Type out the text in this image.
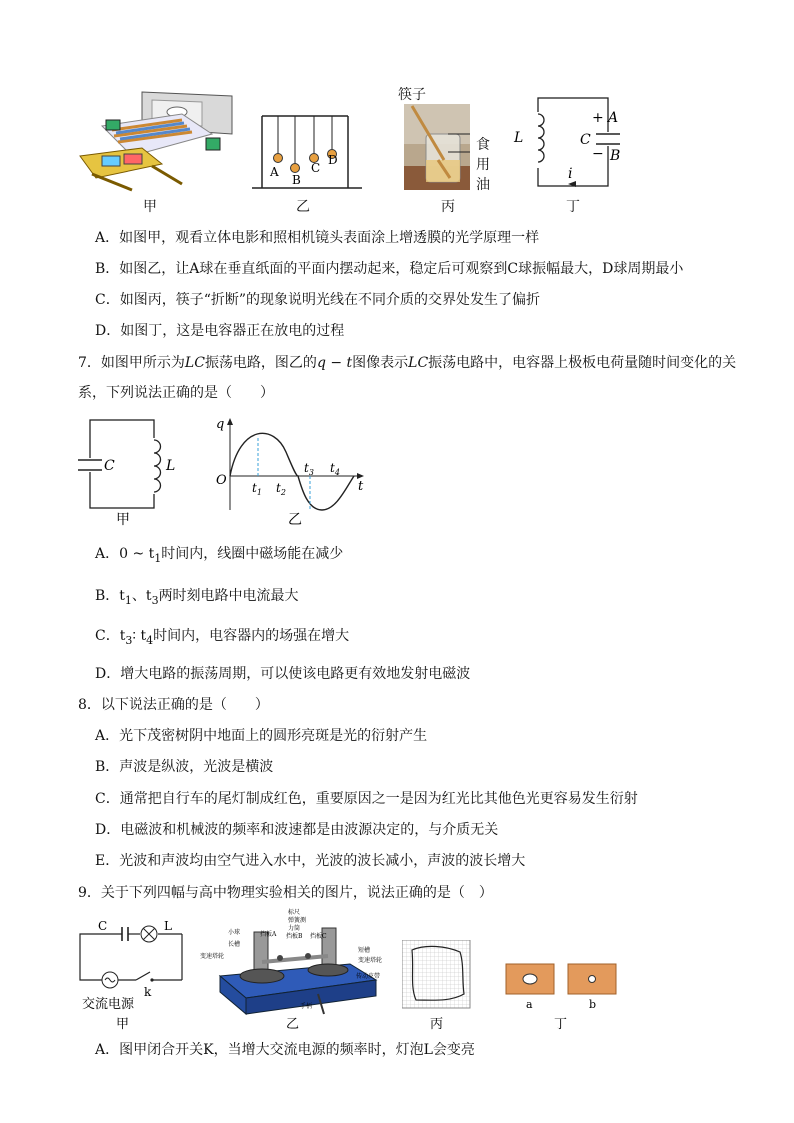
甲
A
B
C
D
乙
筷子
食
用
油
丙
L	C
+
−
A
B
i
丁
A．如图甲，观看立体电影和照相机镜头表面涂上增透膜的光学原理一样
B．如图乙，让A球在垂直纸面的平面内摆动起来，稳定后可观察到C球振幅最大，D球周期最小
C．如图丙，筷子“折断”的现象说明光线在不同介质的交界处发生了偏折
D．如图丁，这是电容器正在放电的过程
7．如图甲所示为LC振荡电路，图乙的q − t图像表示LC振荡电路中，电容器上极板电荷量随时间变化的关
系，下列说法正确的是（　　）
C	L
甲
q
O	t
$t_1$ $t_2$
$t_3$ $t_4$
乙
A．0 ~ $t_1$时间内，线圈中磁场能在减少
B．$t_1$、$t_3$两时刻电路中电流最大
C．$t_3∶$ $t_4$时间内，电容器内的场强在增大
D．增大电路的振荡周期，可以使该电路更有效地发射电磁波
8．以下说法正确的是（　　）
A．光下茂密树阴中地面上的圆形亮斑是光的衍射产生
B．声波是纵波，光波是横波
C．通常把自行车的尾灯制成红色，重要原因之一是因为红光比其他色光更容易发生衍射
D．电磁波和机械波的频率和波速都是由波源决定的，与介质无关
E．光波和声波均由空气进入水中，光波的波长减小，声波的波长增大
9．关于下列四幅与高中物理实验相关的图片，说法正确的是（　）
C	L
k
交流电源
甲
标尺
弹簧测
力筒
小球	挡板A 挡板B 挡板C
长槽
变速塔轮
短槽
变速塔轮
传动皮带
手柄
乙	丙
a	b
丁
A．图甲闭合开关K，当增大交流电源的频率时，灯泡L会变亮
